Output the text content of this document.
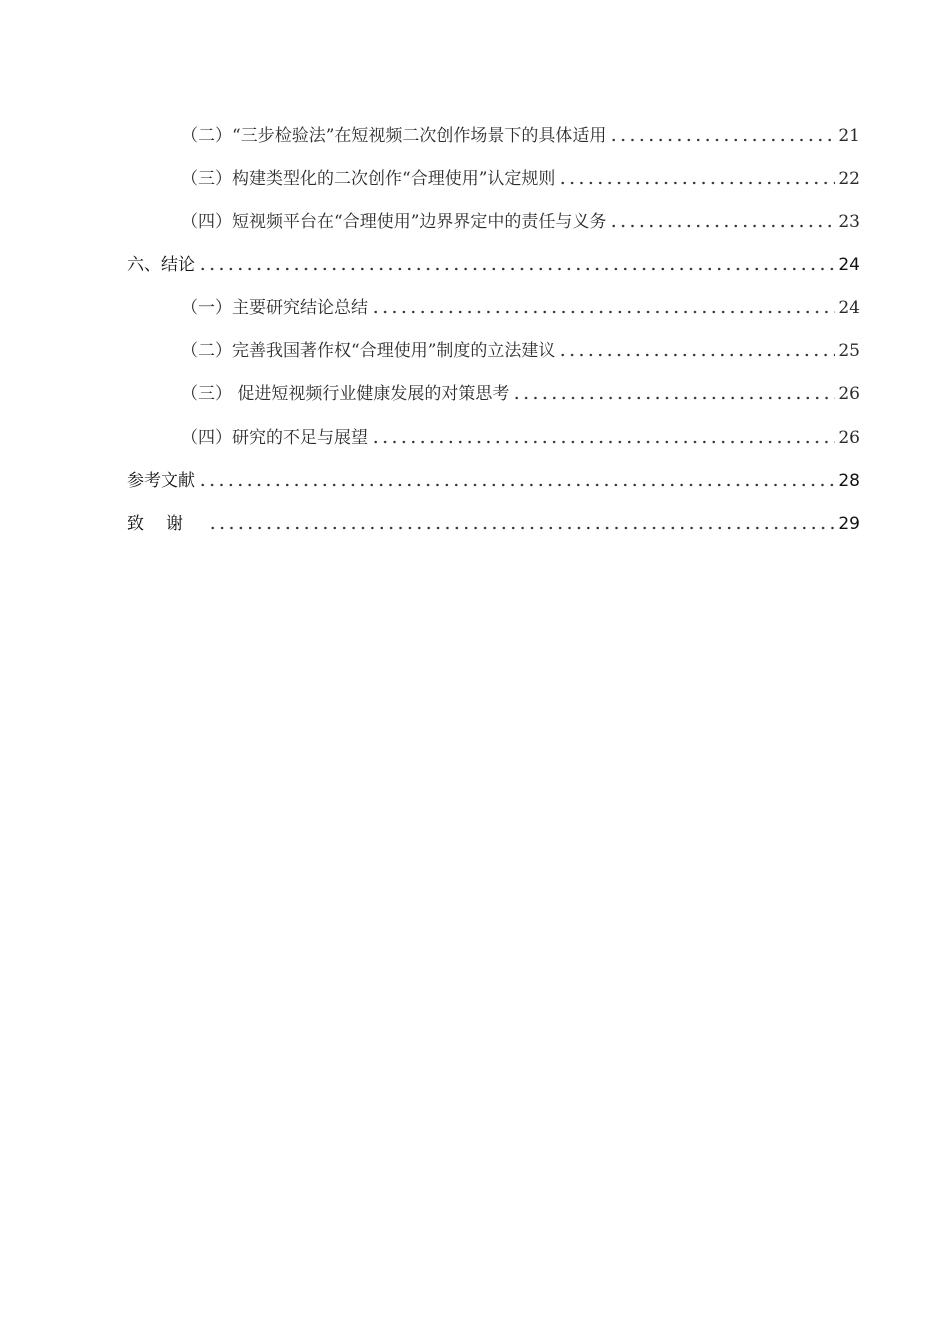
（二）“三步检验法”在短视频二次创作场景下的具体适用	21
（三）构建类型化的二次创作“合理使用”认定规则	22
（四）短视频平台在“合理使用”边界界定中的责任与义务	23
六、结论	24
（一）主要研究结论总结	24
（二）完善我国著作权“合理使用”制度的立法建议	25
（三） 促进短视频行业健康发展的对策思考	26
（四）研究的不足与展望	26
参考文献	28
致谢	29
